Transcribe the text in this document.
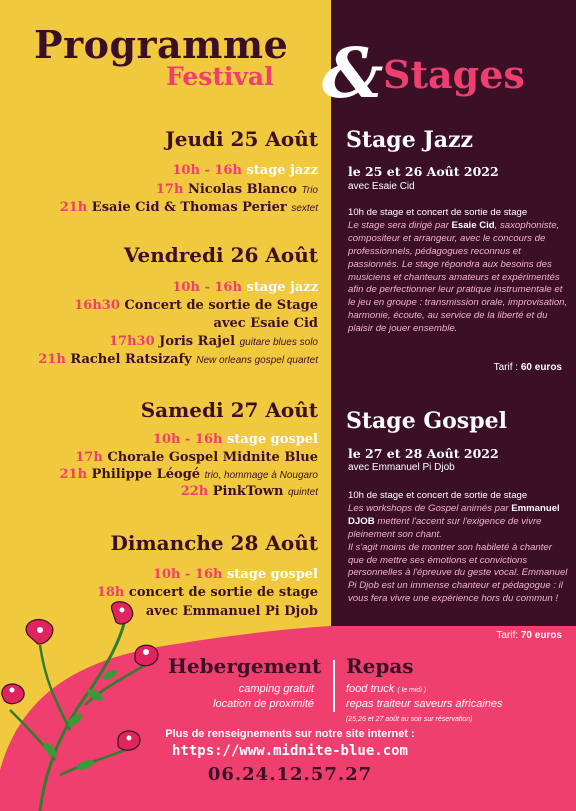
Programme
Festival & Stages
Jeudi 25 Août
10h - 16h stage jazz
17h Nicolas Blanco Trio
21h Esaie Cid & Thomas Perier sextet
Vendredi 26 Août
10h - 16h stage jazz
16h30 Concert de sortie de Stage
avec Esaie Cid
17h30 Joris Rajel guitare blues solo
21h Rachel Ratsizafy New orleans gospel quartet
Samedi 27 Août
10h - 16h stage gospel
17h Chorale Gospel Midnite Blue
21h Philippe Léogé trio, hommage à Nougaro
22h PinkTown quintet
Dimanche 28 Août
10h - 16h stage gospel
18h concert de sortie de stage
avec Emmanuel Pi Djob
Stage Jazz
le 25 et 26 Août 2022
avec Esaie Cid
10h de stage et concert de sortie de stage
Le stage sera dirigé par Esaie Cid, saxophoniste, compositeur et arrangeur, avec le concours de professionnels, pédagogues reconnus et passionnés. Le stage répondra aux besoins des musiciens et chanteurs amateurs et expérimentés afin de perfectionner leur pratique instrumentale et le jeu en groupe : transmission orale, improvisation, harmonie, écoute, au service de la liberté et du plaisir de jouer ensemble.
Tarif : 60 euros
Stage Gospel
le 27 et 28 Août 2022
avec Emmanuel Pi Djob
10h de stage et concert de sortie de stage
Les workshops de Gospel animés par Emmanuel DJOB mettent l'accent sur l'exigence de vivre pleinement son chant.
Il s'agit moins de montrer son habileté à chanter que de mettre ses émotions et convictions personnelles à l'épreuve du geste vocal. Emmanuel Pi Djob est un immense chanteur et pédagogue : il vous fera vivre une expérience hors du commun !
Tarif: 70 euros
Hebergement
camping gratuit
location de proximité
Repas
food truck ( le midi )
repas traiteur saveurs africaines
(25,26 et 27 août au soir sur réservation)
Plus de renseignements sur notre site internet :
https://www.midnite-blue.com
06.24.12.57.27
